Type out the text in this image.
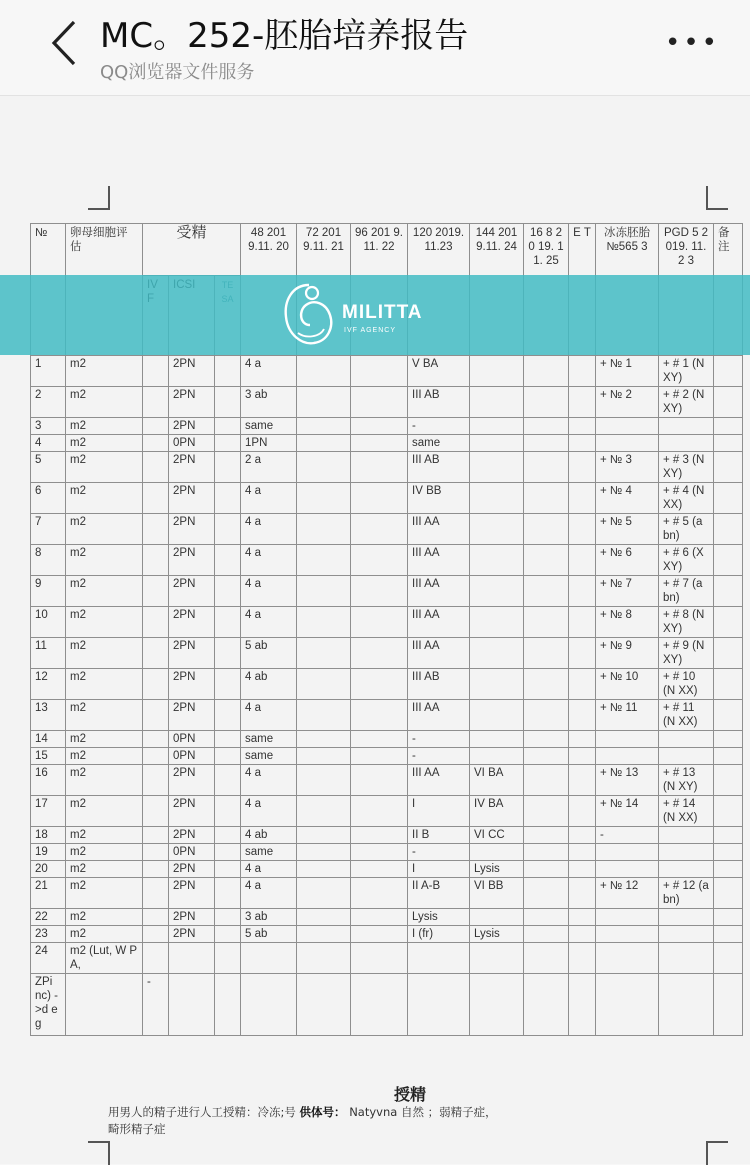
MC。252-胚胎培养报告
QQ浏览器文件服务
•••
№	卵母细胞评估	受精			48 201 9.11. 20	72 201 9.11. 21	96 201 9.11. 22	120 2019. 11.23	144 201 9.11. 24	16 8 20 19. 11. 25	E T	冰冻胚胎№565 3	PGD 5 2 019. 11.2 3	备注

1	m2		2PN		4 a			V BA				+ № 1	+ # 1 (N XY)	
2	m2		2PN		3 ab			III AB				+ № 2	+ # 2 (N XY)	
3	m2		2PN		same			-						
4	m2		0PN		1PN			same						
5	m2		2PN		2 a			III AB				+ № 3	+ # 3 (N XY)	
6	m2		2PN		4 a			IV BB				+ № 4	+ # 4 (N XX)	
7	m2		2PN		4 a			III AA				+ № 5	+ # 5 (a bn)	
8	m2		2PN		4 a			III AA				+ № 6	+ # 6 (X XY)	
9	m2		2PN		4 a			III AA				+ № 7	+ # 7 (a bn)	
10	m2		2PN		4 a			III AA				+ № 8	+ # 8 (N XY)	
11	m2		2PN		5 ab			III AA				+ № 9	+ # 9 (N XY)	
12	m2		2PN		4 ab			III AB				+ № 10	+ # 10 (N XX)	
13	m2		2PN		4 a			III AA				+ № 11	+ # 11 (N XX)	
14	m2		0PN		same			-						
15	m2		0PN		same			-						
16	m2		2PN		4 a			III AA	VI BA			+ № 13	+ # 13 (N XY)	
17	m2		2PN		4 a			I	IV BA			+ № 14	+ # 14 (N XX)	
18	m2		2PN		4 ab			II B	VI CC			-		
19	m2		0PN		same			-						
20	m2		2PN		4 a			I	Lysis					
21	m2		2PN		4 a			II A-B	VI BB			+ № 12	+ # 12 (abn)	
22	m2		2PN		3 ab			Lysis						
23	m2		2PN		5 ab			I (fr)	Lysis					
24	m2 (Lut, W PA,													
ZPi nc) ->d eg		-												
MILITTA
IVF AGENCY
授精
用男人的精子进行人工授精：冷冻;号 供体号： Natyvna 自然 ；弱精子症，
畸形精子症
